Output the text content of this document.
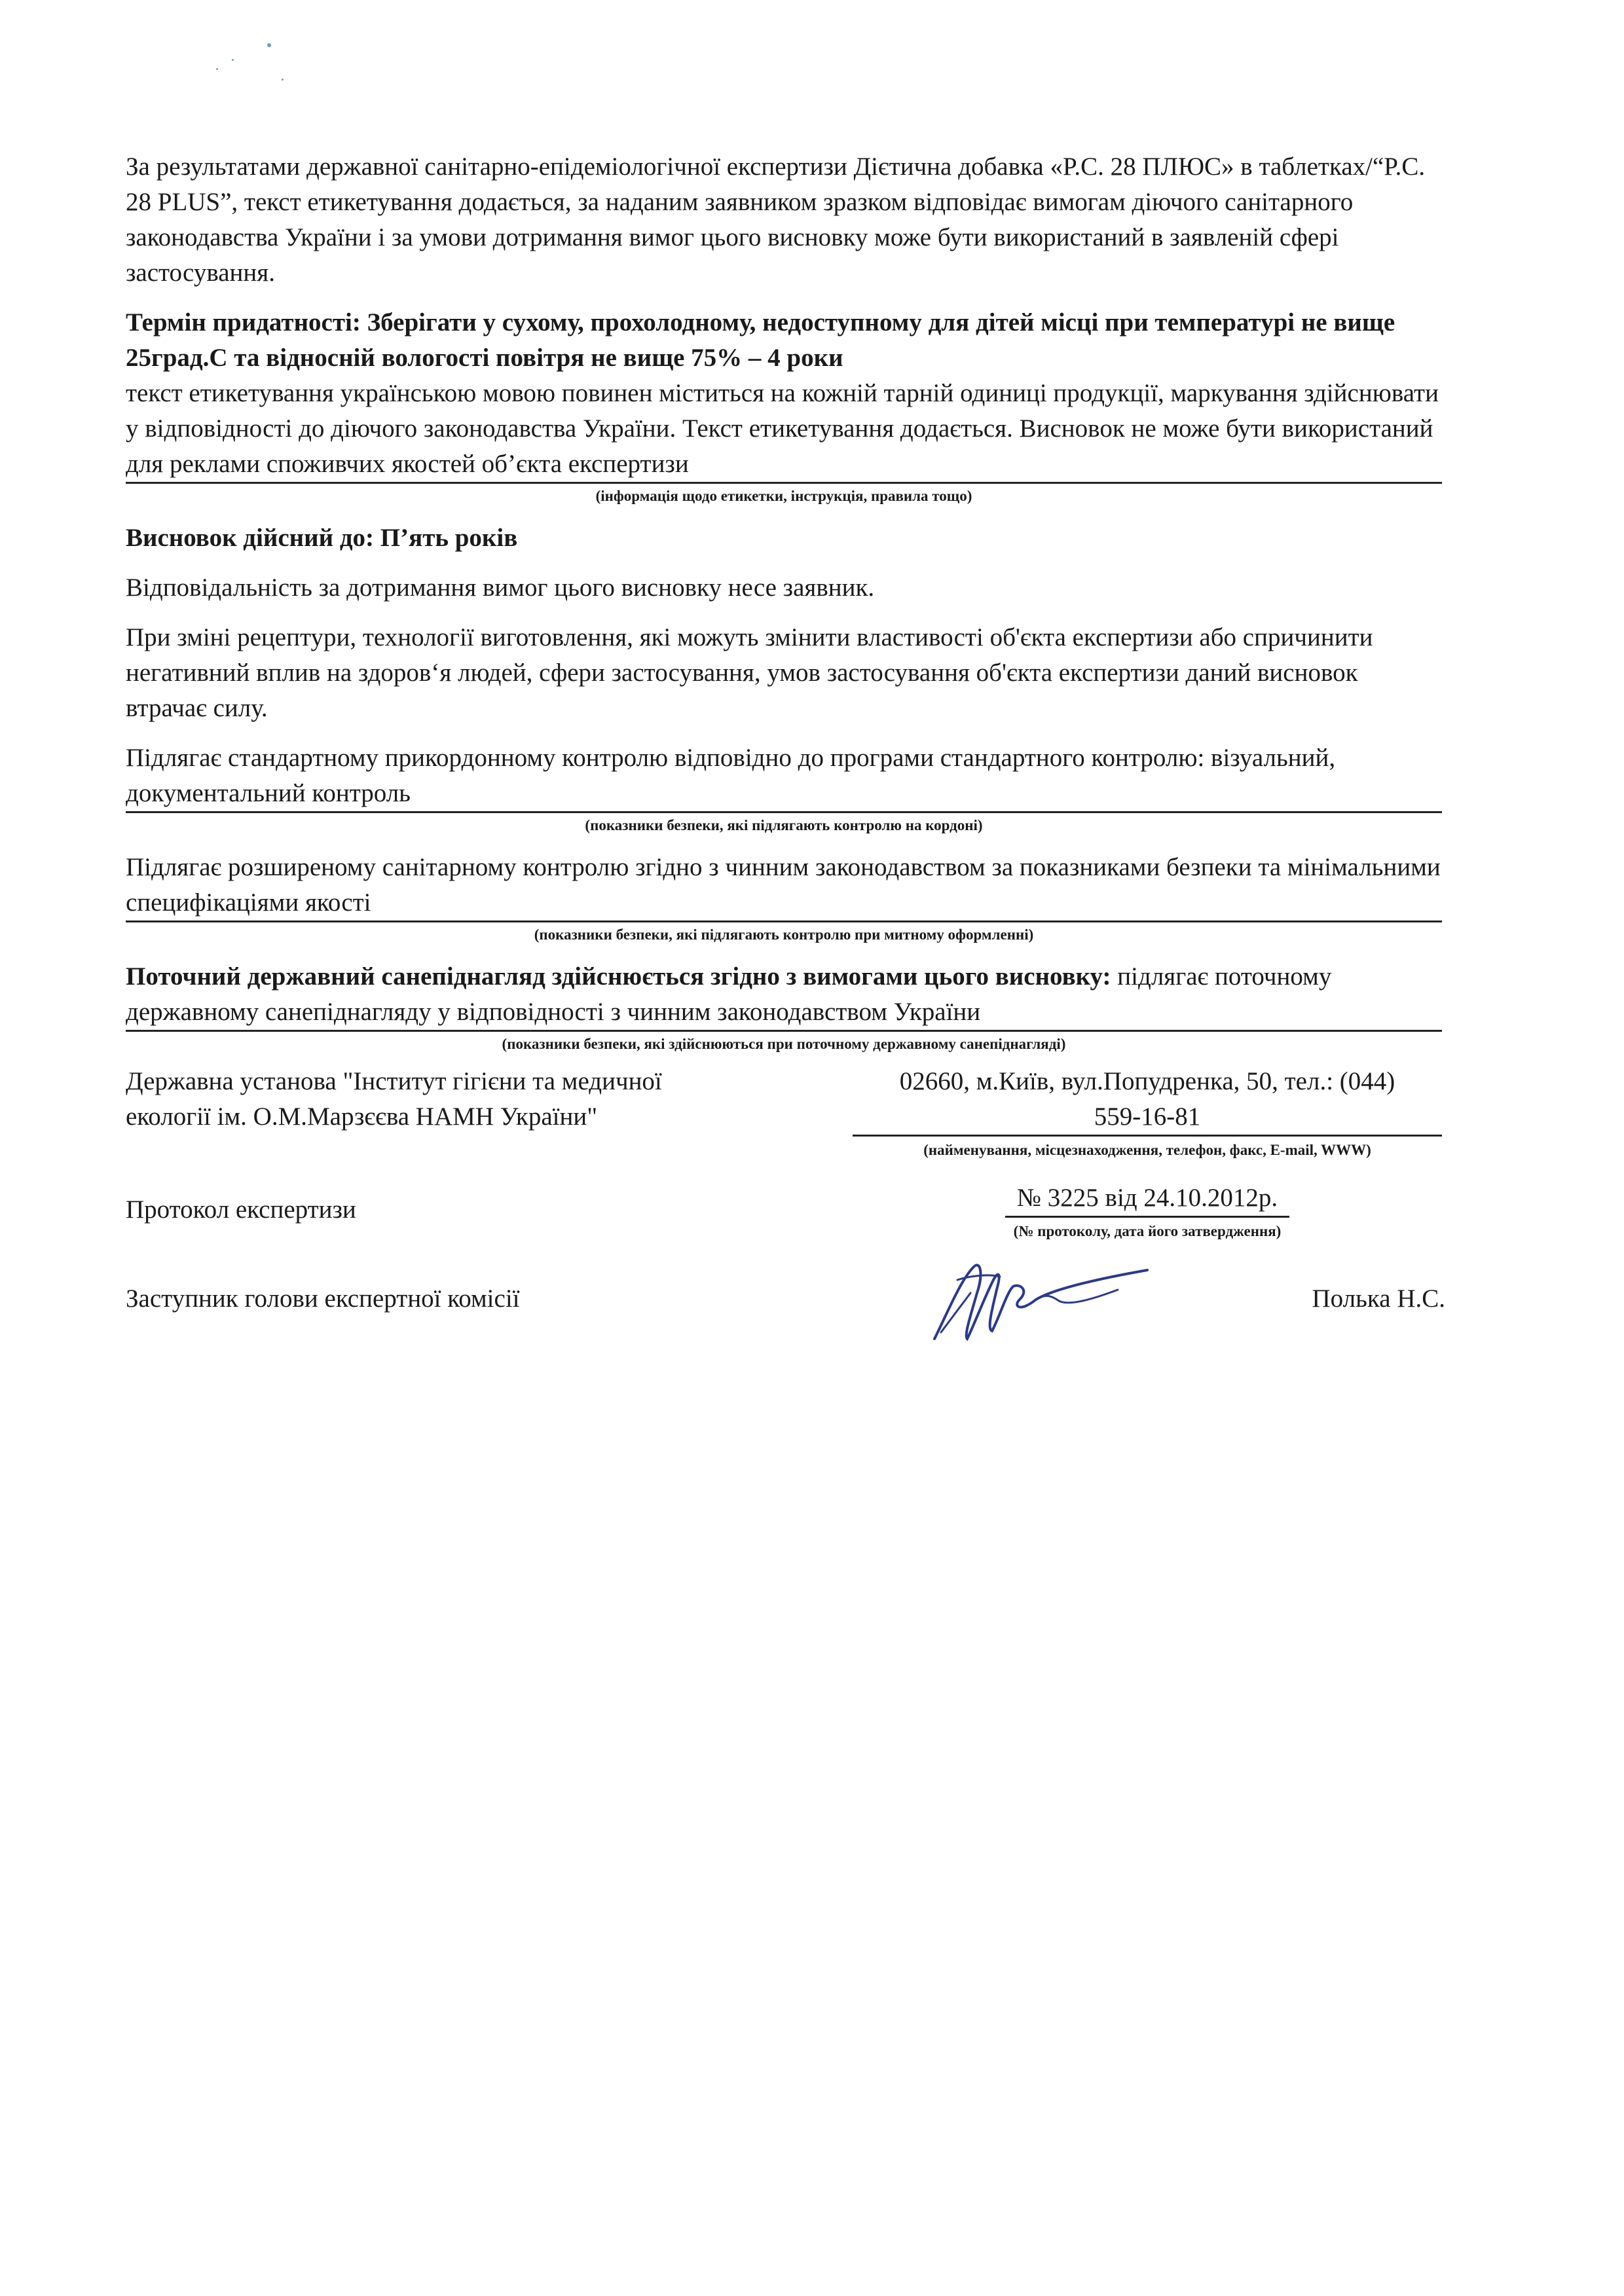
За результатами державної санітарно-епідеміологічної експертизи Дієтична добавка «P.C. 28 ПЛЮС» в таблетках/“P.C. 28 PLUS”, текст етикетування додається, за наданим заявником зразком відповідає вимогам діючого санітарного законодавства України і за умови дотримання вимог цього висновку може бути використаний в заявленій сфері застосування.

Термін придатності: Зберігати у сухому, прохолодному, недоступному для дітей місці при температурі не вище 25град.С та відносній вологості повітря не вище 75% – 4 роки

текст етикетування українською мовою повинен міститься на кожній тарній одиниці продукції, маркування здійснювати у відповідності до діючого законодавства України. Текст етикетування додається. Висновок не може бути використаний для реклами споживчих якостей об’єкта експертизи

(інформація щодо етикетки, інструкція, правила тощо)

Висновок дійсний до: П’ять років

Відповідальність за дотримання вимог цього висновку несе заявник.

При зміні рецептури, технології виготовлення, які можуть змінити властивості об'єкта експертизи або спричинити негативний вплив на здоров‘я людей, сфери застосування, умов застосування об'єкта експертизи даний висновок втрачає силу.

Підлягає стандартному прикордонному контролю відповідно до програми стандартного контролю: візуальний, документальний контроль

(показники безпеки, які підлягають контролю на кордоні)

Підлягає розширеному санітарному контролю згідно з чинним законодавством за показниками безпеки та мінімальними специфікаціями якості

(показники безпеки, які підлягають контролю при митному оформленні)

Поточний державний санепіднагляд здійснюється згідно з вимогами цього висновку: підлягає поточному державному санепіднагляду у відповідності з чинним законодавством України

(показники безпеки, які здійснюються при поточному державному санепіднагляді)
Державна установа "Інститут гігієни та медичної
екології ім. О.М.Марзєєва НАМН України"
02660, м.Київ, вул.Попудренка, 50, тел.: (044)
559-16-81
(найменування, місцезнаходження, телефон, факс, E-mail, WWW)
Протокол експертизи	№ 3225 від 24.10.2012р.
(№ протоколу, дата його затвердження)
Заступник голови експертної комісії	Полька Н.С.
